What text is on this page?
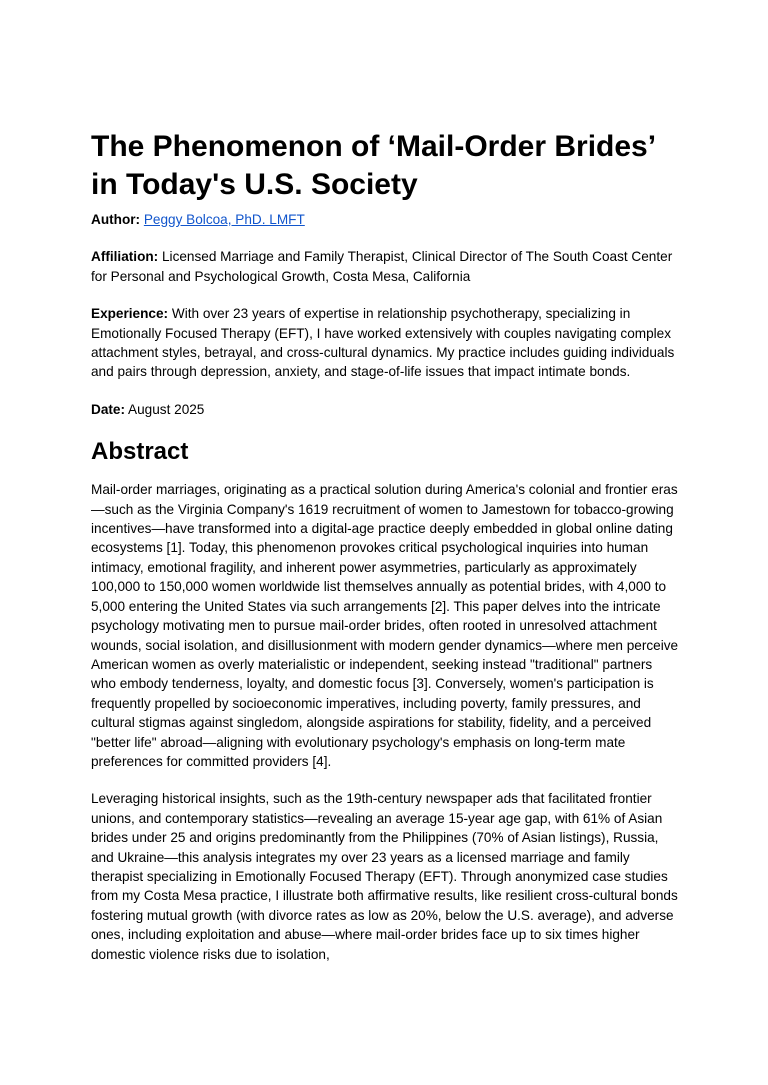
The Phenomenon of ‘Mail-Order Brides’
in Today's U.S. Society

Author: Peggy Bolcoa, PhD. LMFT

Affiliation: Licensed Marriage and Family Therapist, Clinical Director of The South Coast Center for Personal and Psychological Growth, Costa Mesa, California

Experience: With over 23 years of expertise in relationship psychotherapy, specializing in Emotionally Focused Therapy (EFT), I have worked extensively with couples navigating complex attachment styles, betrayal, and cross-cultural dynamics. My practice includes guiding individuals and pairs through depression, anxiety, and stage-of-life issues that impact intimate bonds.

Date: August 2025

Abstract

Mail-order marriages, originating as a practical solution during America's colonial and frontier eras—such as the Virginia Company's 1619 recruitment of women to Jamestown for tobacco-growing incentives—have transformed into a digital-age practice deeply embedded in global online dating ecosystems [1]. Today, this phenomenon provokes critical psychological inquiries into human intimacy, emotional fragility, and inherent power asymmetries, particularly as approximately 100,000 to 150,000 women worldwide list themselves annually as potential brides, with 4,000 to 5,000 entering the United States via such arrangements [2]. This paper delves into the intricate psychology motivating men to pursue mail-order brides, often rooted in unresolved attachment wounds, social isolation, and disillusionment with modern gender dynamics—where men perceive American women as overly materialistic or independent, seeking instead "traditional" partners who embody tenderness, loyalty, and domestic focus [3]. Conversely, women's participation is frequently propelled by socioeconomic imperatives, including poverty, family pressures, and cultural stigmas against singledom, alongside aspirations for stability, fidelity, and a perceived "better life" abroad—aligning with evolutionary psychology's emphasis on long-term mate preferences for committed providers [4].

Leveraging historical insights, such as the 19th-century newspaper ads that facilitated frontier unions, and contemporary statistics—revealing an average 15-year age gap, with 61% of Asian brides under 25 and origins predominantly from the Philippines (70% of Asian listings), Russia, and Ukraine—this analysis integrates my over 23 years as a licensed marriage and family therapist specializing in Emotionally Focused Therapy (EFT). Through anonymized case studies from my Costa Mesa practice, I illustrate both affirmative results, like resilient cross-cultural bonds fostering mutual growth (with divorce rates as low as 20%, below the U.S. average), and adverse ones, including exploitation and abuse—where mail-order brides face up to six times higher domestic violence risks due to isolation,
